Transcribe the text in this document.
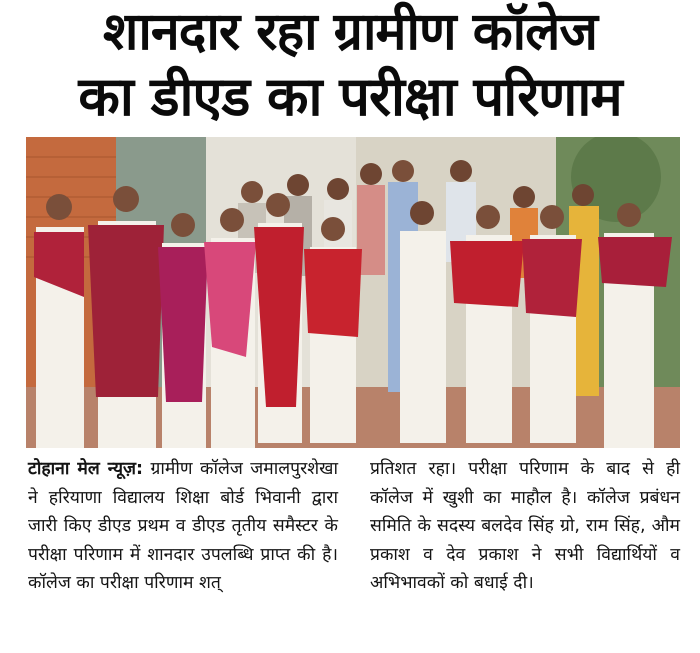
शानदार रहा ग्रामीण कॉलेज
का डीएड का परीक्षा परिणाम

टोहाना मेल न्यूज़: ग्रामीण कॉलेज जमालपुरशेखा ने हरियाणा विद्यालय शिक्षा बोर्ड भिवानी द्वारा जारी किए डीएड प्रथम व डीएड तृतीय समैस्टर के परीक्षा परिणाम में शानदार उपलब्धि प्राप्त की है। कॉलेज का परीक्षा परिणाम शत्

प्रतिशत रहा। परीक्षा परिणाम के बाद से ही कॉलेज में खुशी का माहौल है। कॉलेज प्रबंधन समिति के सदस्य बलदेव सिंह ग्रो, राम सिंह, औम प्रकाश व देव प्रकाश ने सभी विद्यार्थियों व अभिभावकों को बधाई दी।
